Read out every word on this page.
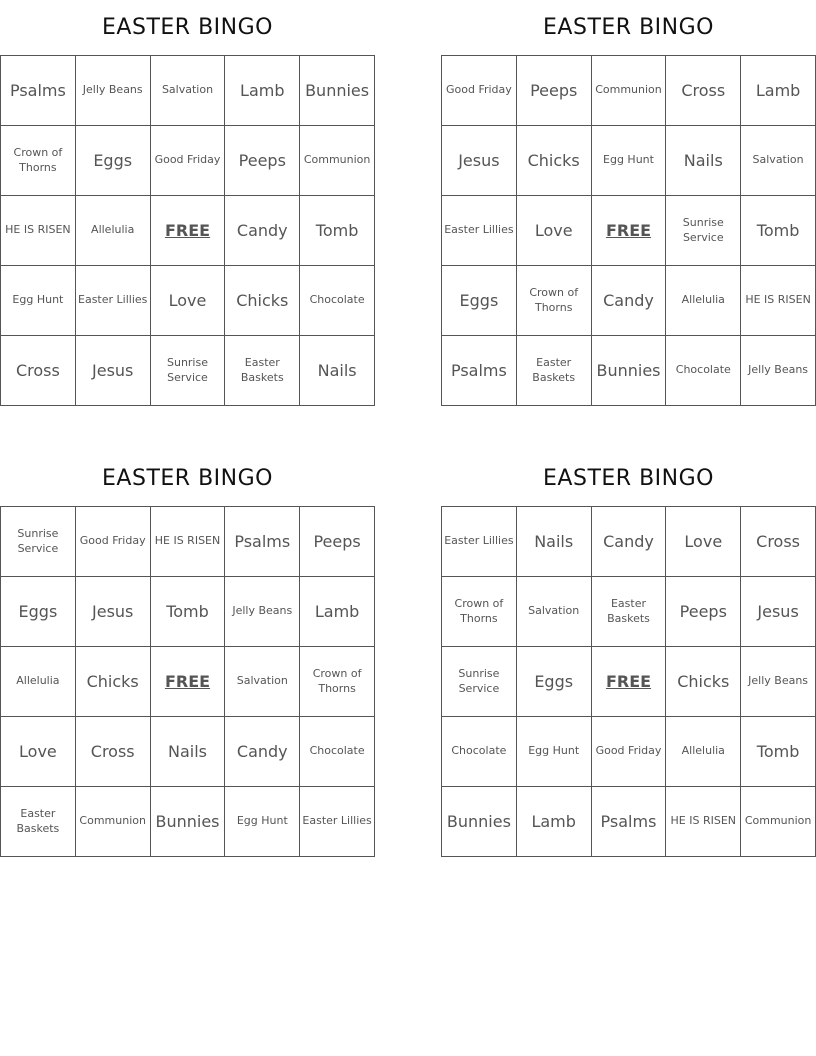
EASTER BINGO
Psalms	Jelly Beans	Salvation	Lamb	Bunnies
Crown of Thorns	Eggs	Good Friday	Peeps	Communion
HE IS RISEN	Allelulia	FREE	Candy	Tomb
Egg Hunt	Easter Lillies	Love	Chicks	Chocolate
Cross	Jesus	Sunrise Service	Easter Baskets	Nails
EASTER BINGO
Good Friday	Peeps	Communion	Cross	Lamb
Jesus	Chicks	Egg Hunt	Nails	Salvation
Easter Lillies	Love	FREE	Sunrise Service	Tomb
Eggs	Crown of Thorns	Candy	Allelulia	HE IS RISEN
Psalms	Easter Baskets	Bunnies	Chocolate	Jelly Beans
EASTER BINGO
Sunrise Service	Good Friday	HE IS RISEN	Psalms	Peeps
Eggs	Jesus	Tomb	Jelly Beans	Lamb
Allelulia	Chicks	FREE	Salvation	Crown of Thorns
Love	Cross	Nails	Candy	Chocolate
Easter Baskets	Communion	Bunnies	Egg Hunt	Easter Lillies
EASTER BINGO
Easter Lillies	Nails	Candy	Love	Cross
Crown of Thorns	Salvation	Easter Baskets	Peeps	Jesus
Sunrise Service	Eggs	FREE	Chicks	Jelly Beans
Chocolate	Egg Hunt	Good Friday	Allelulia	Tomb
Bunnies	Lamb	Psalms	HE IS RISEN	Communion
